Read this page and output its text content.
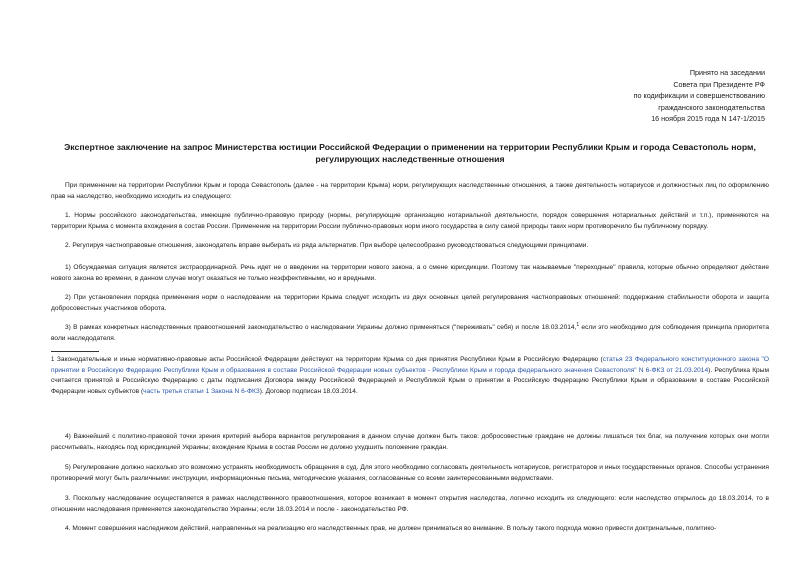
Принято на заседании
Совета при Президенте РФ
по кодификации и совершенствованию
гражданского законодательства
16 ноября 2015 года N 147-1/2015
Экспертное заключение на запрос Министерства юстиции Российской Федерации о применении на территории Республики Крым и города Севастополь норм,
регулирующих наследственные отношения
При применении на территории Республики Крым и города Севастополь (далее - на территории Крыма) норм, регулирующих наследственные отношения, а также деятельность нотариусов и должностных лиц по оформлению прав на наследство, необходимо исходить из следующего:
1. Нормы российского законодательства, имеющие публично-правовую природу (нормы, регулирующие организацию нотариальной деятельности, порядок совершения нотариальных действий и т.п.), применяются на территории Крыма с момента вхождения в состав России. Применение на территории России публично-правовых норм иного государства в силу самой природы таких норм противоречило бы публичному порядку.
2. Регулируя частноправовые отношения, законодатель вправе выбирать из ряда альтернатив. При выборе целесообразно руководствоваться следующими принципами.
1) Обсуждаемая ситуация является экстраординарной. Речь идет не о введении на территории нового закона, а о смене юрисдикции. Поэтому так называемые "переходные" правила, которые обычно определяют действие нового закона во времени, в данном случае могут оказаться не только неэффективными, но и вредными.
2) При установлении порядка применения норм о наследовании на территории Крыма следует исходить из двух основных целей регулирования частноправовых отношений: поддержание стабильности оборота и защита добросовестных участников оборота.
3) В рамках конкретных наследственных правоотношений законодательство о наследовании Украины должно применяться ("переживать" себя) и после 18.03.2014,$^1$ если это необходимо для соблюдения принципа приоритета воли наследодателя.
1 Законодательные и иные нормативно-правовые акты Российской Федерации действуют на территории Крыма со дня принятия Республики Крым в Российскую Федерацию (статья 23 Федерального конституционного закона "О принятии в Российскую Федерацию Республики Крым и образования в составе Российской Федерации новых субъектов - Республики Крым и города федерального значения Севастополя" N 6-ФКЗ от 21.03.2014). Республика Крым считается принятой в Российскую Федерацию с даты подписания Договора между Российской Федерацией и Республикой Крым о принятии в Российскую Федерацию Республики Крым и образовании в составе Российской Федерации новых субъектов (часть третья статьи 1 Закона N 6-ФКЗ). Договор подписан 18.03.2014.
4) Важнейший с политико-правовой точки зрения критерий выбора вариантов регулирования в данном случае должен быть таков: добросовестные граждане не должны лишаться тех благ, на получение которых они могли рассчитывать, находясь под юрисдикцией Украины; вхождение Крыма в состав России не должно ухудшить положение граждан.
5) Регулирование должно насколько это возможно устранять необходимость обращения в суд. Для этого необходимо согласовать деятельность нотариусов, регистраторов и иных государственных органов. Способы устранения противоречий могут быть различными: инструкции, информационные письма, методические указания, согласованные со всеми заинтересованными ведомствами.
3. Поскольку наследование осуществляется в рамках наследственного правоотношения, которое возникает в момент открытия наследства, логично исходить из следующего: если наследство открылось до 18.03.2014, то в отношении наследования применяется законодательство Украины; если 18.03.2014 и после - законодательство РФ.
4. Момент совершения наследником действий, направленных на реализацию его наследственных прав, не должен приниматься во внимание. В пользу такого подхода можно привести доктринальные, политико-
